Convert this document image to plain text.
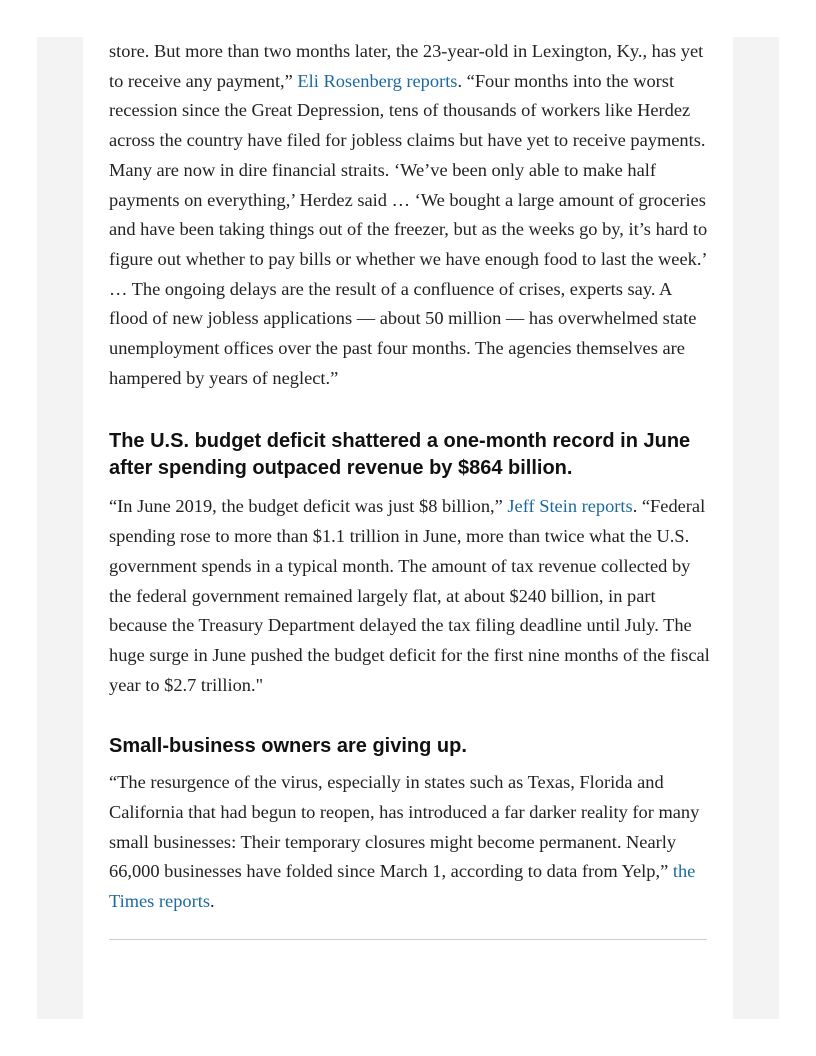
store. But more than two months later, the 23-year-old in Lexington, Ky., has yet to receive any payment,” Eli Rosenberg reports. “Four months into the worst recession since the Great Depression, tens of thousands of workers like Herdez across the country have filed for jobless claims but have yet to receive payments. Many are now in dire financial straits. ‘We’ve been only able to make half payments on everything,’ Herdez said … ‘We bought a large amount of groceries and have been taking things out of the freezer, but as the weeks go by, it’s hard to figure out whether to pay bills or whether we have enough food to last the week.’ … The ongoing delays are the result of a confluence of crises, experts say. A flood of new jobless applications — about 50 million — has overwhelmed state unemployment offices over the past four months. The agencies themselves are hampered by years of neglect.”

The U.S. budget deficit shattered a one-month record in June after spending outpaced revenue by $864 billion.

“In June 2019, the budget deficit was just $8 billion,” Jeff Stein reports. “Federal spending rose to more than $1.1 trillion in June, more than twice what the U.S. government spends in a typical month. The amount of tax revenue collected by the federal government remained largely flat, at about $240 billion, in part because the Treasury Department delayed the tax filing deadline until July. The huge surge in June pushed the budget deficit for the first nine months of the fiscal year to $2.7 trillion."

Small-business owners are giving up.

“The resurgence of the virus, especially in states such as Texas, Florida and California that had begun to reopen, has introduced a far darker reality for many small businesses: Their temporary closures might become permanent. Nearly 66,000 businesses have folded since March 1, according to data from Yelp,” the Times reports.
